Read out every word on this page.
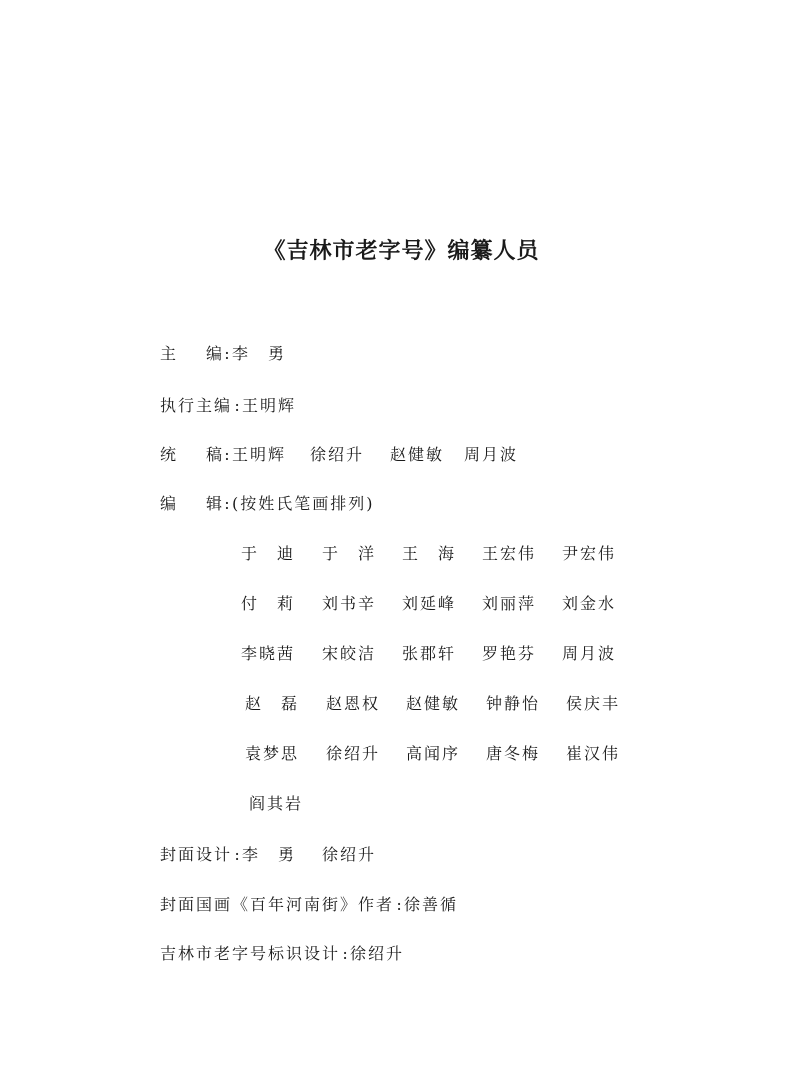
《吉林市老字号》编纂人员
主 编 : 李　勇
执行主编 : 王明辉
统 稿 : 王明辉 徐绍升 赵健敏 周月波
编 辑 : (按姓氏笔画排列)
于　迪 于　洋 王　海 王宏伟 尹宏伟
付　莉 刘书辛 刘延峰 刘丽萍 刘金水
李晓茜 宋皎洁 张郡轩 罗艳芬 周月波
赵　磊 赵恩权 赵健敏 钟静怡 侯庆丰
袁梦思 徐绍升 高闻序 唐冬梅 崔汉伟
阎其岩
封面设计 : 李　勇 徐绍升
封面国画《百年河南街》作者 : 徐善循
吉林市老字号标识设计 : 徐绍升
